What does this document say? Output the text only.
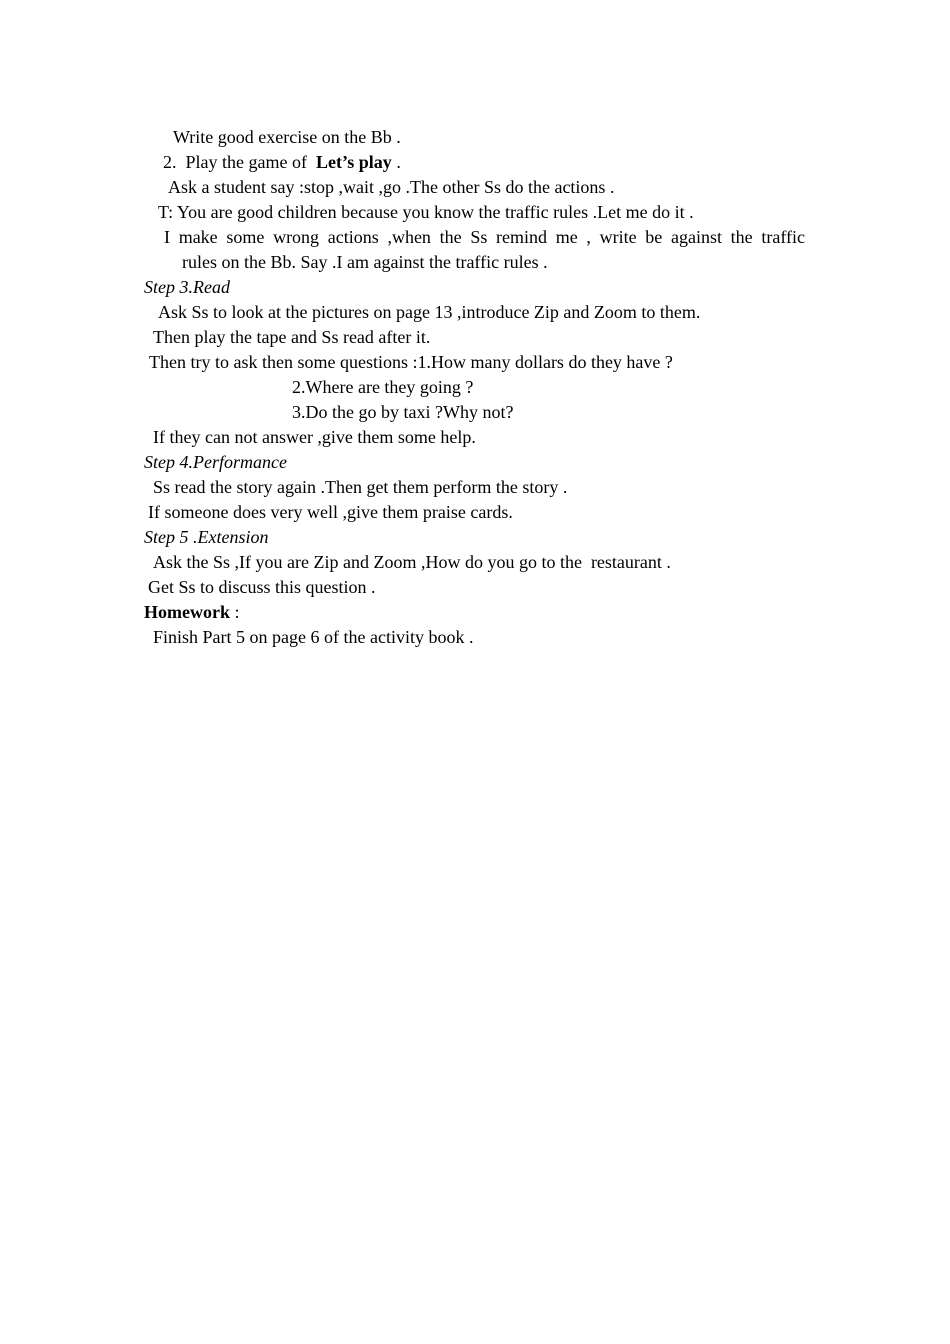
Write good exercise on the Bb .
2.  Play the game of  Let’s play .
Ask a student say :stop ,wait ,go .The other Ss do the actions .
T: You are good children because you know the traffic rules .Let me do it .
I make some wrong actions ,when the Ss remind me , write be against the traffic
rules on the Bb. Say .I am against the traffic rules .
Step 3.Read
Ask Ss to look at the pictures on page 13 ,introduce Zip and Zoom to them.
Then play the tape and Ss read after it.
Then try to ask then some questions :1.How many dollars do they have ?
2.Where are they going ?
3.Do the go by taxi ?Why not?
If they can not answer ,give them some help.
Step 4.Performance
Ss read the story again .Then get them perform the story .
If someone does very well ,give them praise cards.
Step 5 .Extension
Ask the Ss ,If you are Zip and Zoom ,How do you go to the  restaurant .
Get Ss to discuss this question .
Homework :
Finish Part 5 on page 6 of the activity book .
